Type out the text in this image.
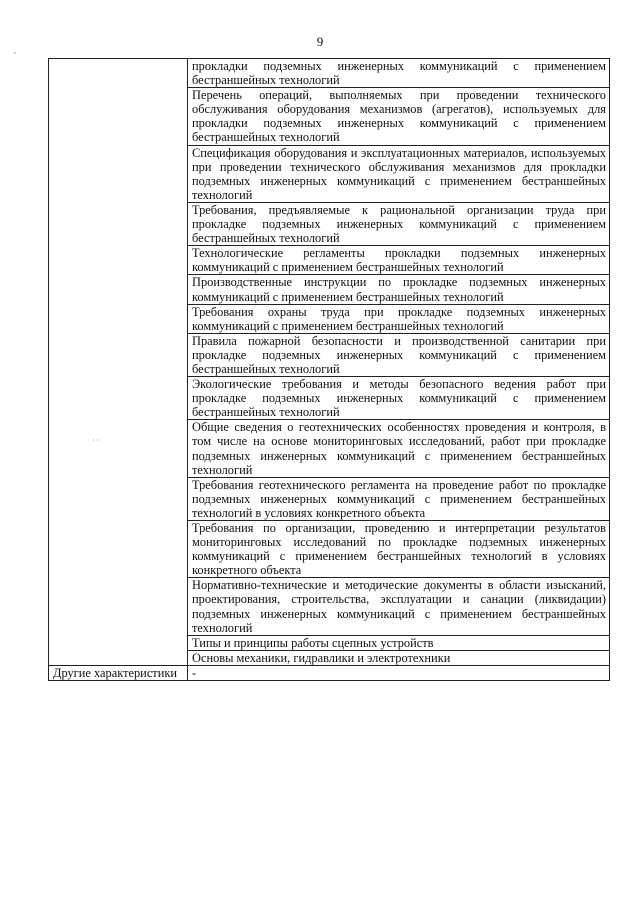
9
	прокладки подземных инженерных коммуникаций с применением бестраншейных технологий
	Перечень операций, выполняемых при проведении технического обслуживания оборудования механизмов (агрегатов), используемых для прокладки подземных инженерных коммуникаций с применением бестраншейных технологий
	Спецификация оборудования и эксплуатационных материалов, используемых при проведении технического обслуживания механизмов для прокладки подземных инженерных коммуникаций с применением бестраншейных технологий
	Требования, предъявляемые к рациональной организации труда при прокладке подземных инженерных коммуникаций с применением бестраншейных технологий
	Технологические регламенты прокладки подземных инженерных коммуникаций с применением бестраншейных технологий
	Производственные инструкции по прокладке подземных инженерных коммуникаций с применением бестраншейных технологий
	Требования охраны труда при прокладке подземных инженерных коммуникаций с применением бестраншейных технологий
	Правила пожарной безопасности и производственной санитарии при прокладке подземных инженерных коммуникаций с применением бестраншейных технологий
	Экологические требования и методы безопасного ведения работ при прокладке подземных инженерных коммуникаций с применением бестраншейных технологий
	Общие сведения о геотехнических особенностях проведения и контроля, в том числе на основе мониторинговых исследований, работ при прокладке подземных инженерных коммуникаций с применением бестраншейных технологий
	Требования геотехнического регламента на проведение работ по прокладке подземных инженерных коммуникаций с применением бестраншейных технологий в условиях конкретного объекта
	Требования по организации, проведению и интерпретации результатов мониторинговых исследований по прокладке подземных инженерных коммуникаций с применением бестраншейных технологий в условиях конкретного объекта
	Нормативно-технические и методические документы в области изысканий, проектирования, строительства, эксплуатации и санации (ликвидации) подземных инженерных коммуникаций с применением бестраншейных технологий
	Типы и принципы работы сцепных устройств
	Основы механики, гидравлики и электротехники
Другие характеристики	-
· ·
,
